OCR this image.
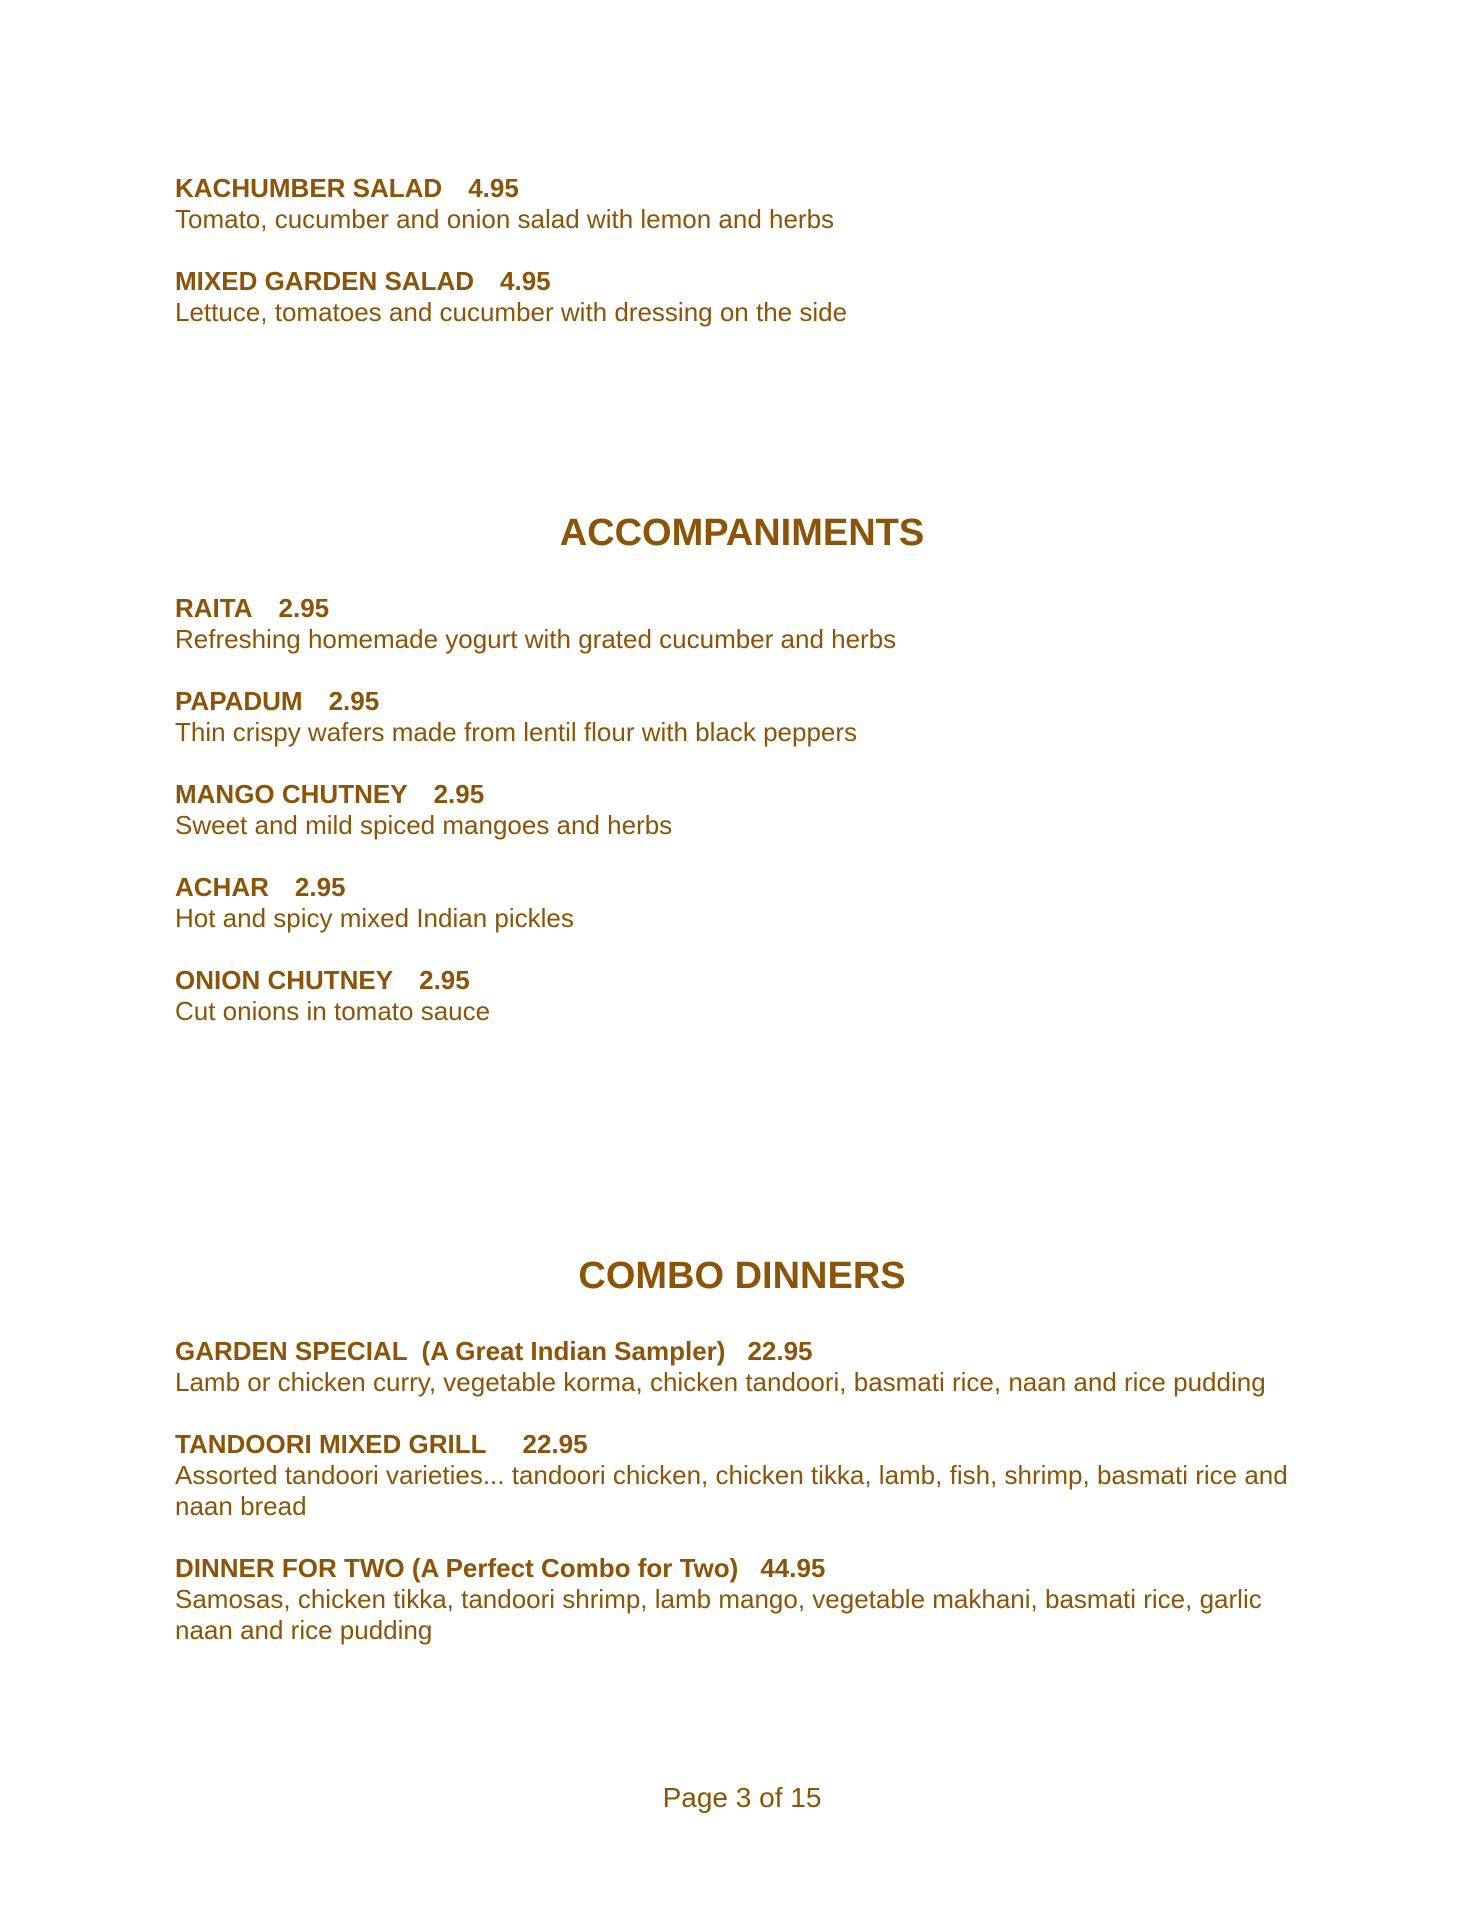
KACHUMBER SALAD 4.95
Tomato, cucumber and onion salad with lemon and herbs
MIXED GARDEN SALAD 4.95
Lettuce, tomatoes and cucumber with dressing on the side
ACCOMPANIMENTS
RAITA 2.95
Refreshing homemade yogurt with grated cucumber and herbs
PAPADUM 2.95
Thin crispy wafers made from lentil flour with black peppers
MANGO CHUTNEY 2.95
Sweet and mild spiced mangoes and herbs
ACHAR 2.95
Hot and spicy mixed Indian pickles
ONION CHUTNEY 2.95
Cut onions in tomato sauce
COMBO DINNERS
GARDEN SPECIAL  (A Great Indian Sampler) 22.95
Lamb or chicken curry, vegetable korma, chicken tandoori, basmati rice, naan and rice pudding
TANDOORI MIXED GRILL 22.95
Assorted tandoori varieties... tandoori chicken, chicken tikka, lamb, fish, shrimp, basmati rice and naan bread
DINNER FOR TWO (A Perfect Combo for Two) 44.95
Samosas, chicken tikka, tandoori shrimp, lamb mango, vegetable makhani, basmati rice, garlic naan and rice pudding
Page 3 of 15
